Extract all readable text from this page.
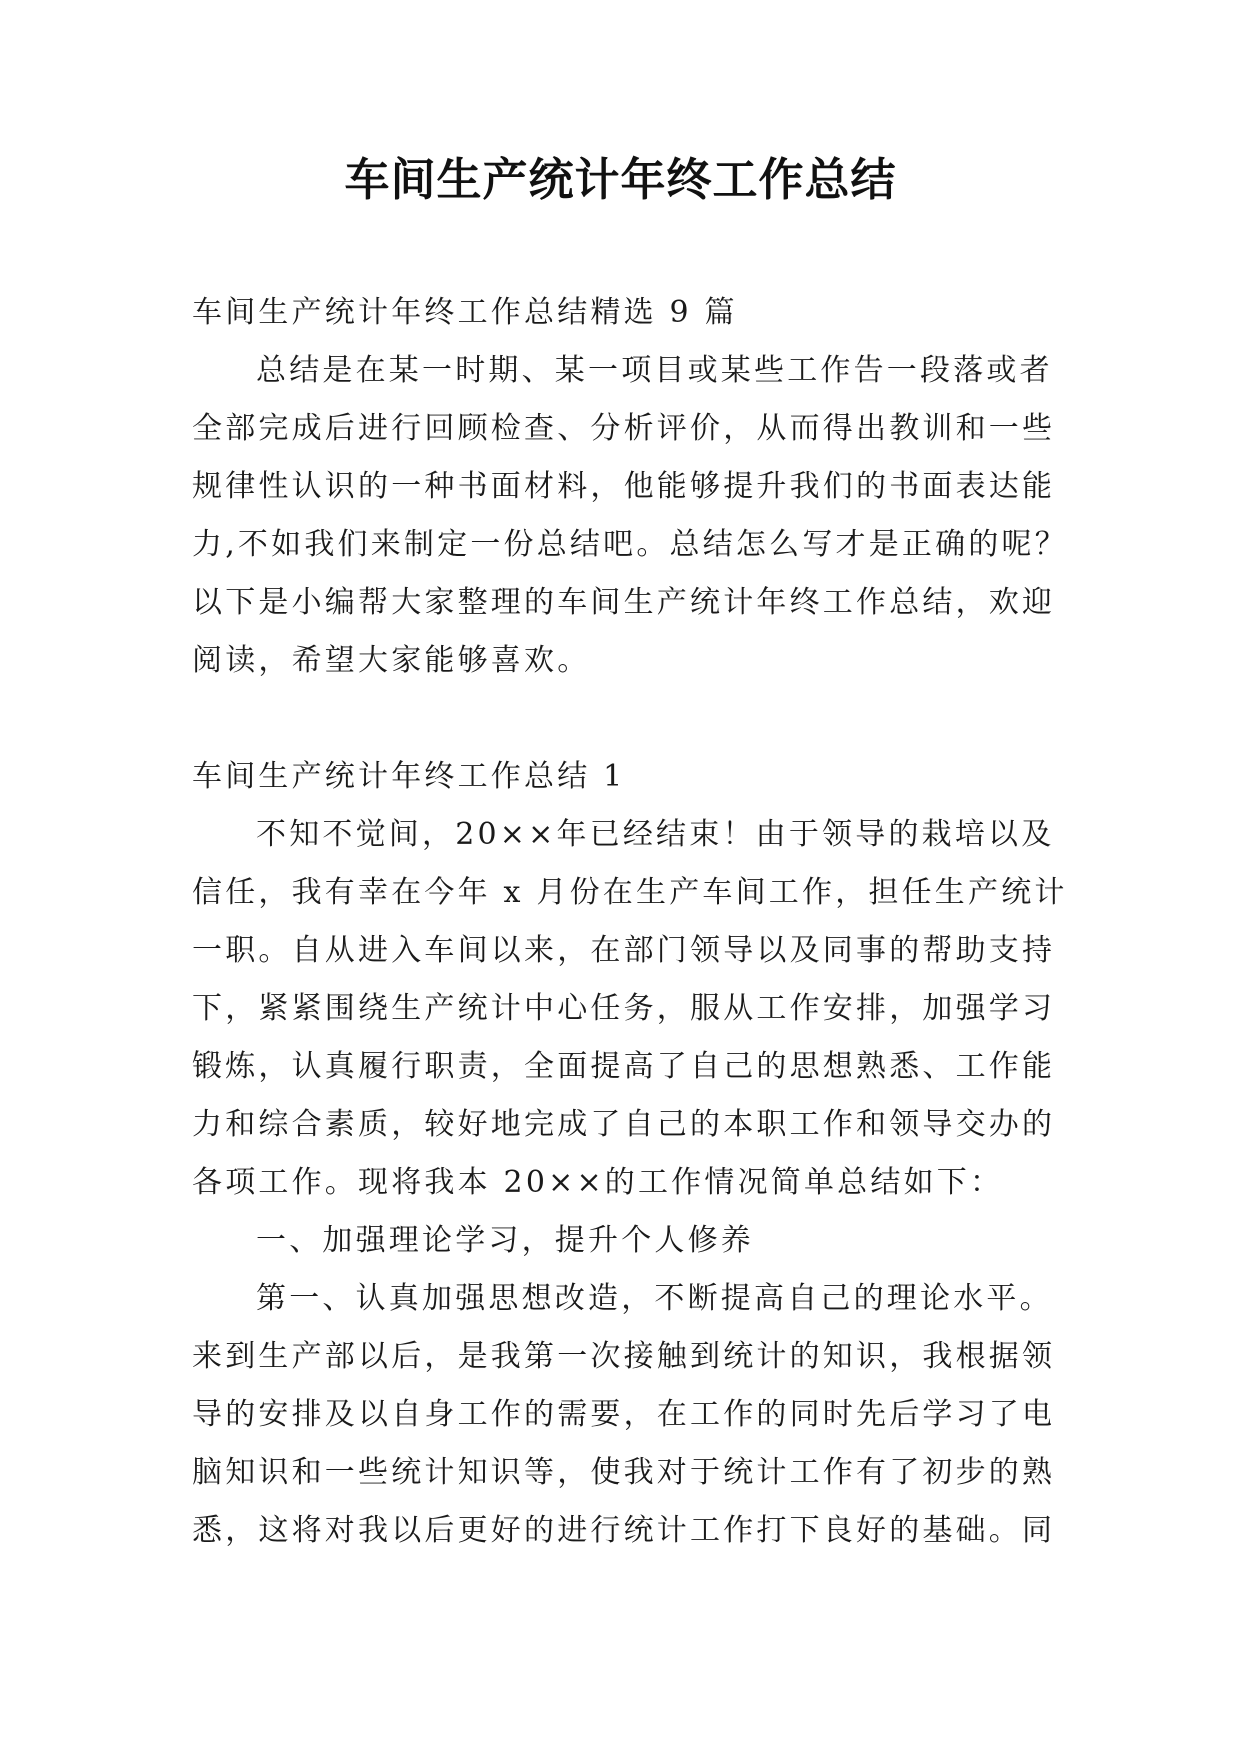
车间生产统计年终工作总结
车间生产统计年终工作总结精选 9 篇
总结是在某一时期、某一项目或某些工作告一段落或者
全部完成后进行回顾检查、分析评价，从而得出教训和一些
规律性认识的一种书面材料，他能够提升我们的书面表达能
力,不如我们来制定一份总结吧。总结怎么写才是正确的呢？
以下是小编帮大家整理的车间生产统计年终工作总结，欢迎
阅读，希望大家能够喜欢。
车间生产统计年终工作总结 1
不知不觉间，20××年已经结束！由于领导的栽培以及
信任，我有幸在今年 x 月份在生产车间工作，担任生产统计
一职。自从进入车间以来，在部门领导以及同事的帮助支持
下，紧紧围绕生产统计中心任务，服从工作安排，加强学习
锻炼，认真履行职责，全面提高了自己的思想熟悉、工作能
力和综合素质，较好地完成了自己的本职工作和领导交办的
各项工作。现将我本 20××的工作情况简单总结如下：
一、加强理论学习，提升个人修养
第一、认真加强思想改造，不断提高自己的理论水平。
来到生产部以后，是我第一次接触到统计的知识，我根据领
导的安排及以自身工作的需要，在工作的同时先后学习了电
脑知识和一些统计知识等，使我对于统计工作有了初步的熟
悉，这将对我以后更好的进行统计工作打下良好的基础。同
